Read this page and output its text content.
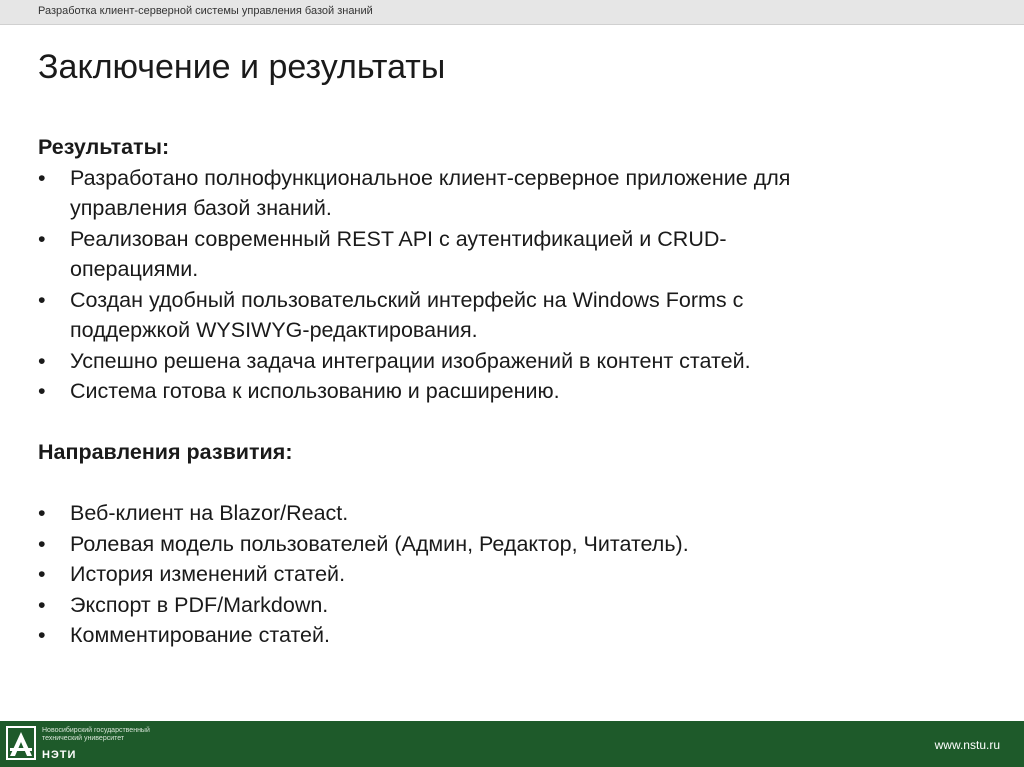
Разработка клиент-серверной системы управления базой знаний
Заключение и результаты

Результаты:

•	Разработано полнофункциональное клиент-серверное приложение для
управления базой знаний.
•	Реализован современный REST API с аутентификацией и CRUD-
операциями.
•	Создан удобный пользовательский интерфейс на Windows Forms с
поддержкой WYSIWYG-редактирования.
•	Успешно решена задача интеграции изображений в контент статей.
•	Система готова к использованию и расширению.

Направления развития:

•	Веб-клиент на Blazor/React.
•	Ролевая модель пользователей (Админ, Редактор, Читатель).
•	История изменений статей.
•	Экспорт в PDF/Markdown.
•	Комментирование статей.
Новосибирский государственный
технический университет
НЭТИ
www.nstu.ru
